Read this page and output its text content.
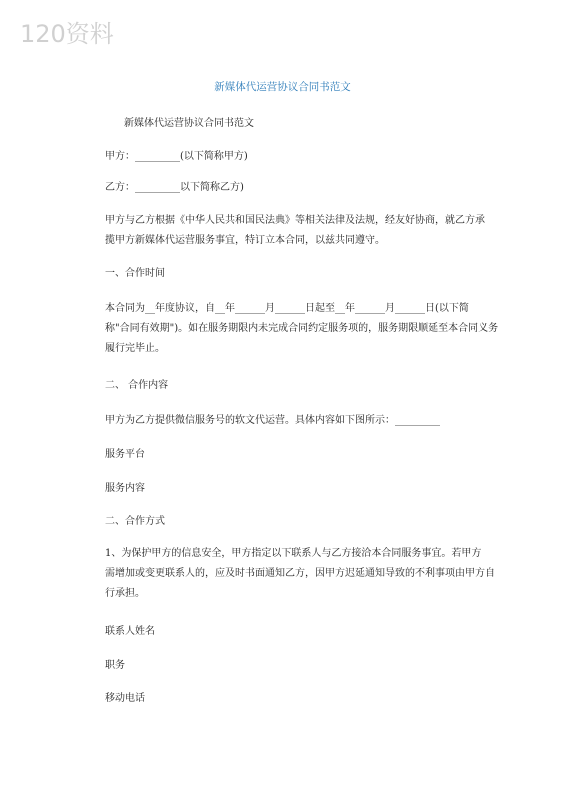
120资料
新媒体代运营协议合同书范文
新媒体代运营协议合同书范文
甲方：_________(以下简称甲方)
乙方：_________以下简称乙方)
甲方与乙方根据《中华人民共和国民法典》等相关法律及法规，经友好协商，就乙方承
揽甲方新媒体代运营服务事宜，特订立本合同，以兹共同遵守。
一、合作时间
本合同为__年度协议，自__年______月______日起至__年______月______日(以下简
称"合同有效期")。如在服务期限内未完成合同约定服务项的，服务期限顺延至本合同义务
履行完毕止。
二、 合作内容
甲方为乙方提供微信服务号的软文代运营。具体内容如下图所示：_________
服务平台
服务内容
二、合作方式
1、为保护甲方的信息安全，甲方指定以下联系人与乙方接洽本合同服务事宜。若甲方
需增加或变更联系人的，应及时书面通知乙方，因甲方迟延通知导致的不利事项由甲方自
行承担。
联系人姓名
职务
移动电话
